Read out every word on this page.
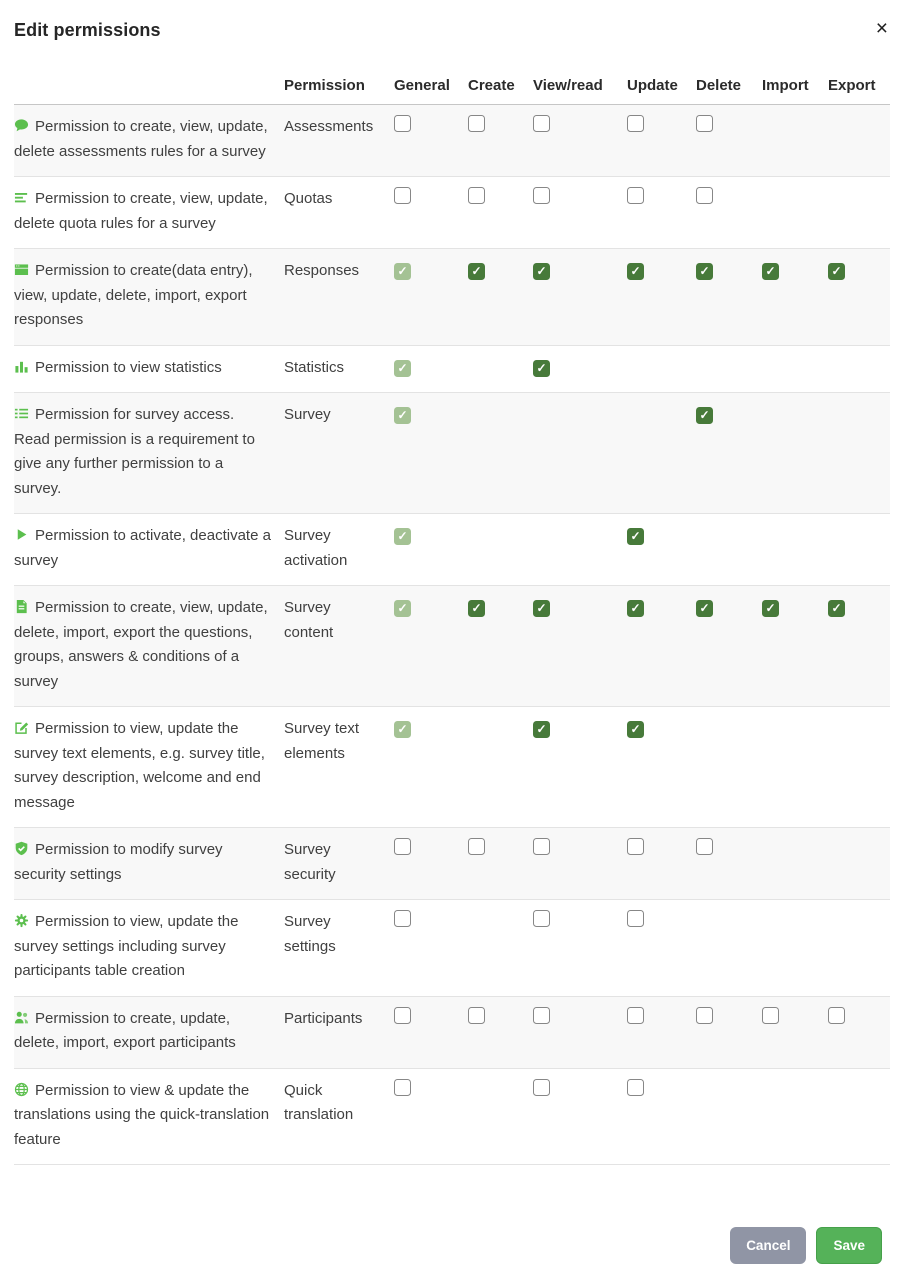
Edit permissions	×
	Permission	General	Create	View/read	Update	Delete	Import	Export

Permission to create, view, update, delete assessments rules for a survey	Assessments							

Permission to create, view, update, delete quota rules for a survey	Quotas							

Permission to create(data entry), view, update, delete, import, export responses	Responses	✓	✓	✓	✓	✓	✓	✓

Permission to view statistics	Statistics	✓		✓				

Permission for survey access. Read permission is a requirement to give any further permission to a survey.	Survey	✓				✓		

Permission to activate, deactivate a survey	Survey activation	✓			✓			

Permission to create, view, update, delete, import, export the questions, groups, answers & conditions of a survey	Survey content	✓	✓	✓	✓	✓	✓	✓

Permission to view, update the survey text elements, e.g. survey title, survey description, welcome and end message	Survey text elements	✓		✓	✓			

Permission to modify survey security settings	Survey security							

Permission to view, update the survey settings including survey participants table creation	Survey settings							

Permission to create, update, delete, import, export participants	Participants							

Permission to view & update the translations using the quick-translation feature	Quick translation							
Cancel	Save
